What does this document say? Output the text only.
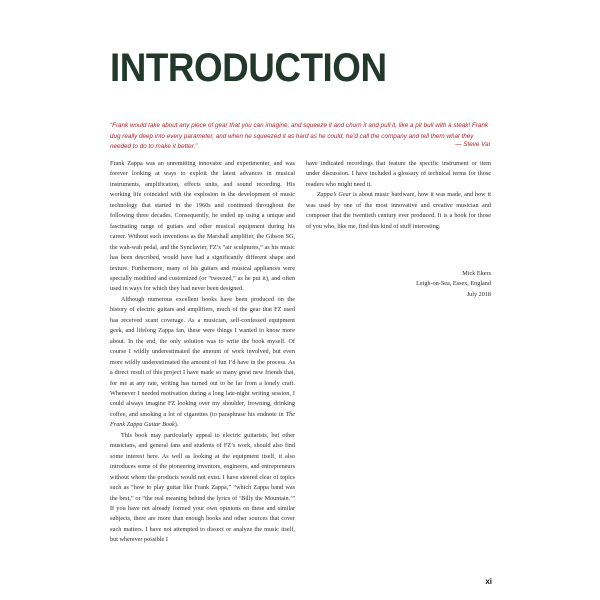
INTRODUCTION

“Frank would take about any piece of gear that you can imagine, and squeeze it and churn it and pull it, like a pit bull with a steak! Frank dug really deep into every parameter, and when he squeezed it as hard as he could, he’d call the company and tell them what they needed to do to make it better.”	— Steve Vai

Frank Zappa was an unremitting innovator and experimenter, and was forever looking at ways to exploit the latest advances in musical instruments, amplification, effects units, and sound recording. His working life coincided with the explosion in the development of music technology that started in the 1960s and continued throughout the following three decades. Consequently, he ended up using a unique and fascinating range of guitars and other musical equipment during his career. Without such inventions as the Marshall amplifier, the Gibson SG, the wah-wah pedal, and the Synclavier, FZ’s “air sculptures,” as his music has been described, would have had a significantly different shape and texture. Furthermore, many of his guitars and musical appliances were specially modified and customized (or “tweezed,” as he put it), and often used in ways for which they had never been designed.

Although numerous excellent books have been produced on the history of electric guitars and amplifiers, much of the gear that FZ used has received scant coverage. As a musician, self-confessed equipment geek, and lifelong Zappa fan, these were things I wanted to know more about. In the end, the only solution was to write the book myself. Of course I wildly underestimated the amount of work involved, but even more wildly underestimated the amount of fun I’d have in the process. As a direct result of this project I have made so many great new friends that, for me at any rate, writing has turned out to be far from a lonely craft. Whenever I needed motivation during a long late-night writing session, I could always imagine FZ looking over my shoulder, frowning, drinking coffee, and smoking a lot of cigarettes (to paraphrase his endnote in The Frank Zappa Guitar Book).

This book may particularly appeal to electric guitarists, but other musicians, and general fans and students of FZ’s work, should also find some interest here. As well as looking at the equipment itself, it also introduces some of the pioneering inventors, engineers, and entrepreneurs without whom the products would not exist. I have steered clear of topics such as “how to play guitar like Frank Zappa,” “which Zappa band was the best,” or “the real meaning behind the lyrics of ‘Billy the Mountain.’” If you have not already formed your own opinions on these and similar subjects, there are more than enough books and other sources that cover such matters. I have not attempted to dissect or analyze the music itself, but wherever possible I

have indicated recordings that feature the specific instrument or item under discussion. I have included a glossary of technical terms for those readers who might need it.

Zappa’s Gear is about music hardware, how it was made, and how it was used by one of the most innovative and creative musician and composer that the twentieth century ever produced. It is a book for those of you who, like me, find this kind of stuff interesting.

Mick Ekers
Leigh-on-Sea, Essex, England
July 2018
xi
